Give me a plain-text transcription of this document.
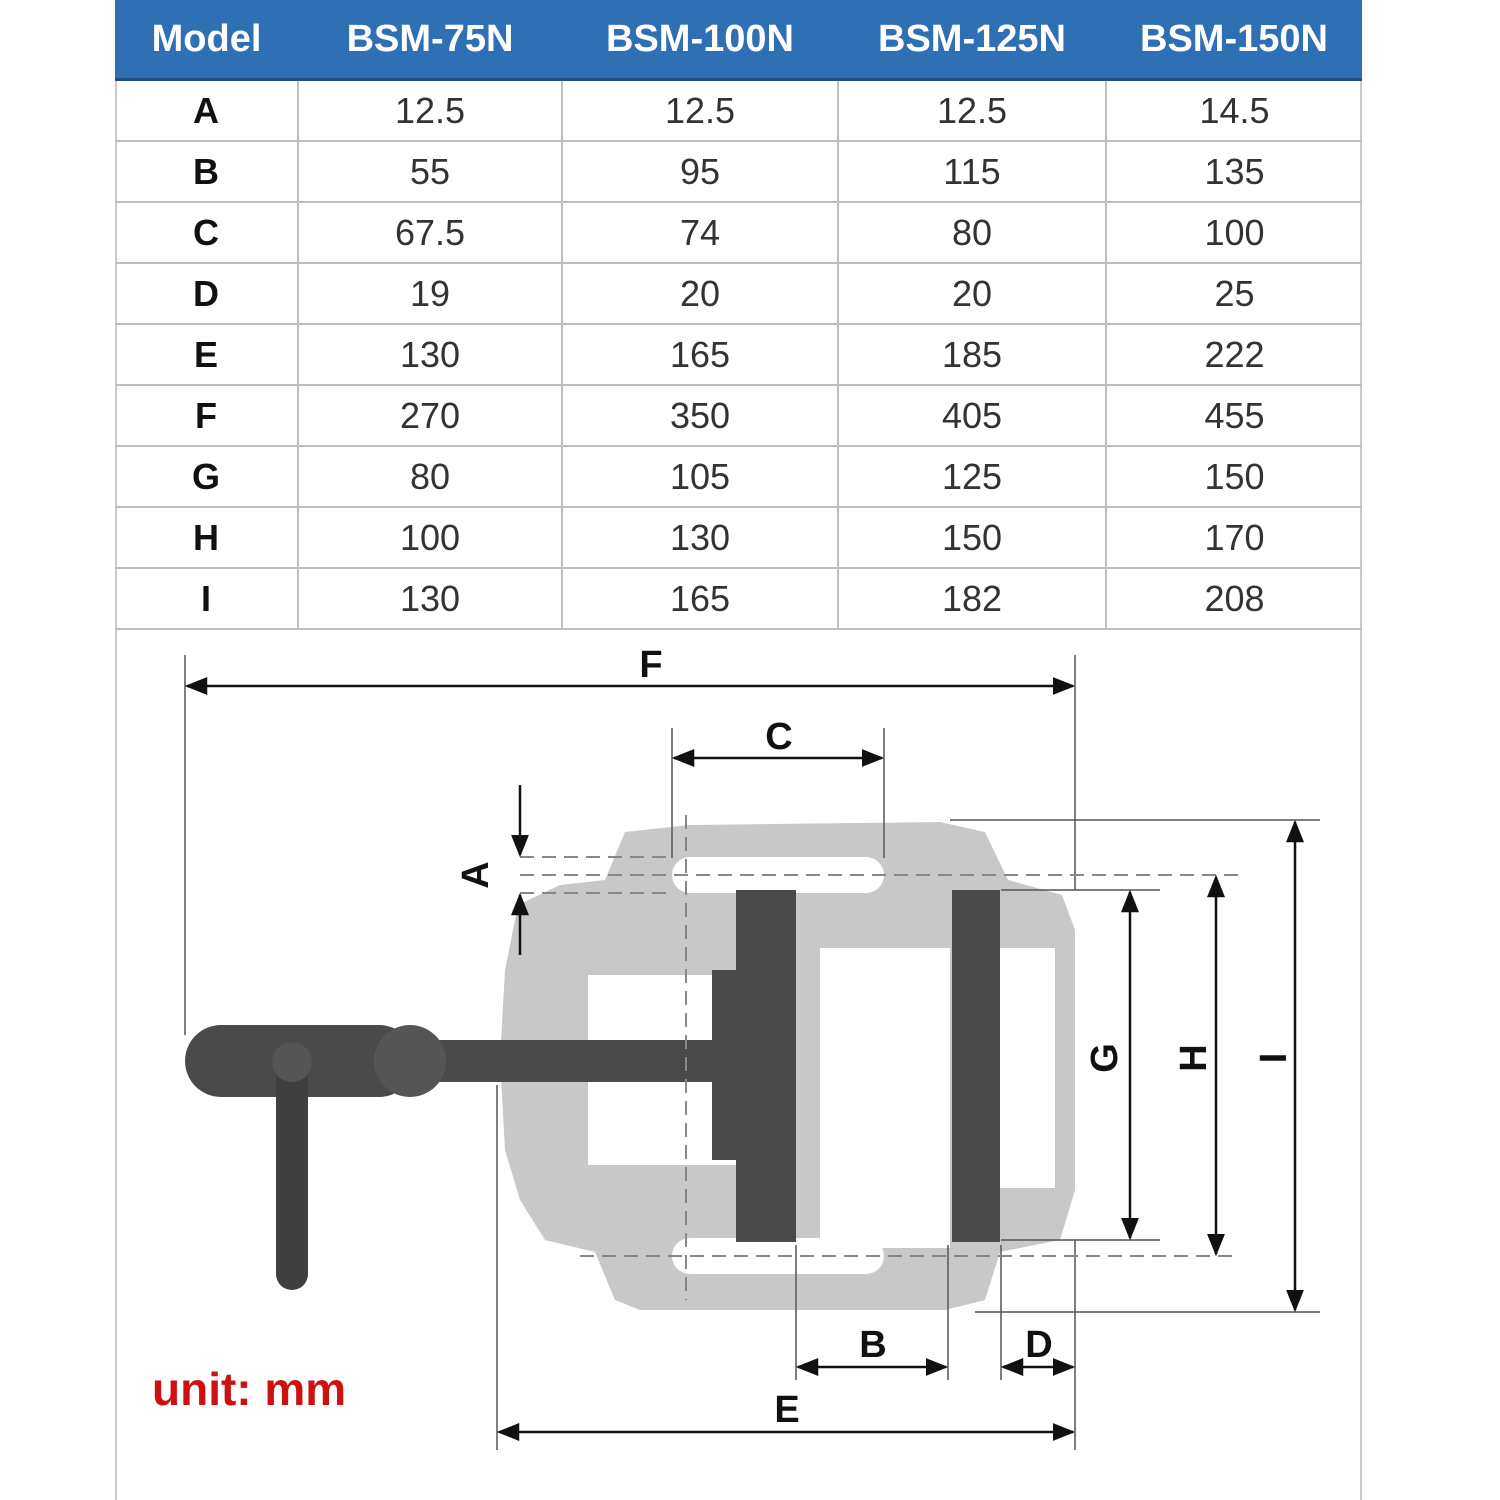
Model	BSM-75N	BSM-100N	BSM-125N	BSM-150N
A	12.5	12.5	12.5	14.5
B	55	95	115	135
C	67.5	74	80	100
D	19	20	20	25
E	130	165	185	222
F	270	350	405	455
G	80	105	125	150
H	100	130	150	170
I	130	165	182	208
F
C
A
G H I
B	D
E
unit: mm
